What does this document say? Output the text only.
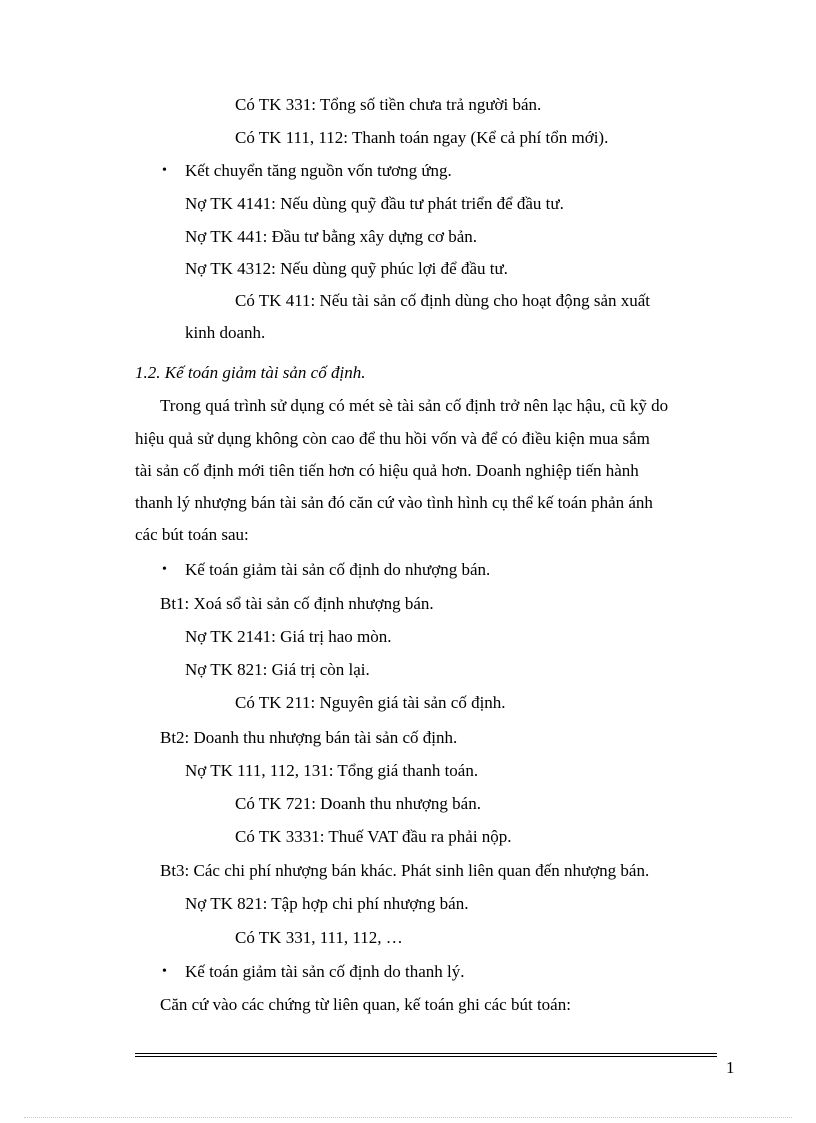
Có TK 331: Tổng số tiền chưa trả người bán.
Có TK 111, 112: Thanh toán ngay (Kể cả phí tổn mới).
• Kết chuyển tăng nguồn vốn tương ứng.
Nợ TK 4141: Nếu dùng quỹ đầu tư phát triển để đầu tư.
Nợ TK 441: Đầu tư bằng xây dựng cơ bản.
Nợ TK 4312: Nếu dùng quỹ phúc lợi để đầu tư.
Có TK 411: Nếu tài sản cố định dùng cho hoạt động sản xuất
kinh doanh.
1.2. Kế toán giảm tài sản cố định.
Trong quá trình sử dụng có mét sè tài sản cố định trở nên lạc hậu, cũ kỹ do
hiệu quả sử dụng không còn cao để thu hồi vốn và để có điều kiện mua sắm
tài sản cố định mới tiên tiến hơn có hiệu quả hơn. Doanh nghiệp tiến hành
thanh lý nhượng bán tài sản đó căn cứ vào tình hình cụ thể kế toán phản ánh
các bút toán sau:
• Kế toán giảm tài sản cố định do nhượng bán.
Bt1: Xoá sổ tài sản cố định nhượng bán.
Nợ TK 2141: Giá trị hao mòn.
Nợ TK 821: Giá trị còn lại.
Có TK 211: Nguyên giá tài sản cố định.
Bt2: Doanh thu nhượng bán tài sản cố định.
Nợ TK 111, 112, 131: Tổng giá thanh toán.
Có TK 721: Doanh thu nhượng bán.
Có TK 3331: Thuế VAT đầu ra phải nộp.
Bt3: Các chi phí nhượng bán khác. Phát sinh liên quan đến nhượng bán.
Nợ TK 821: Tập hợp chi phí nhượng bán.
Có TK 331, 111, 112, …
• Kế toán giảm tài sản cố định do thanh lý.
Căn cứ vào các chứng từ liên quan, kế toán ghi các bút toán:
1
